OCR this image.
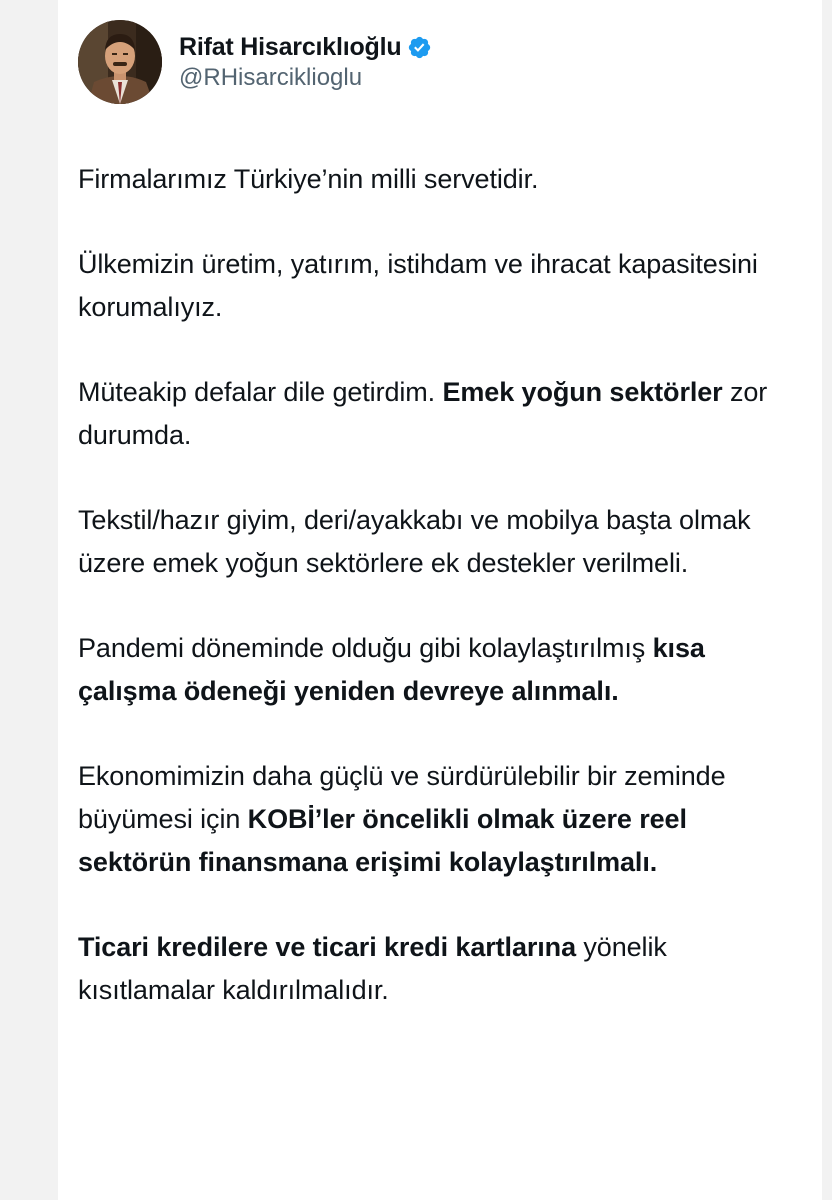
Rifat Hisarcıklıoğlu
@RHisarciklioglu

Firmalarımız Türkiye’nin milli servetidir.

Ülkemizin üretim, yatırım, istihdam ve ihracat kapasitesini korumalıyız.

Müteakip defalar dile getirdim. Emek yoğun sektörler zor durumda.

Tekstil/hazır giyim, deri/ayakkabı ve mobilya başta olmak üzere emek yoğun sektörlere ek destekler verilmeli.

Pandemi döneminde olduğu gibi kolaylaştırılmış kısa çalışma ödeneği yeniden devreye alınmalı.

Ekonomimizin daha güçlü ve sürdürülebilir bir zeminde büyümesi için KOBİ’ler öncelikli olmak üzere reel sektörün finansmana erişimi kolaylaştırılmalı.

Ticari kredilere ve ticari kredi kartlarına yönelik kısıtlamalar kaldırılmalıdır.
